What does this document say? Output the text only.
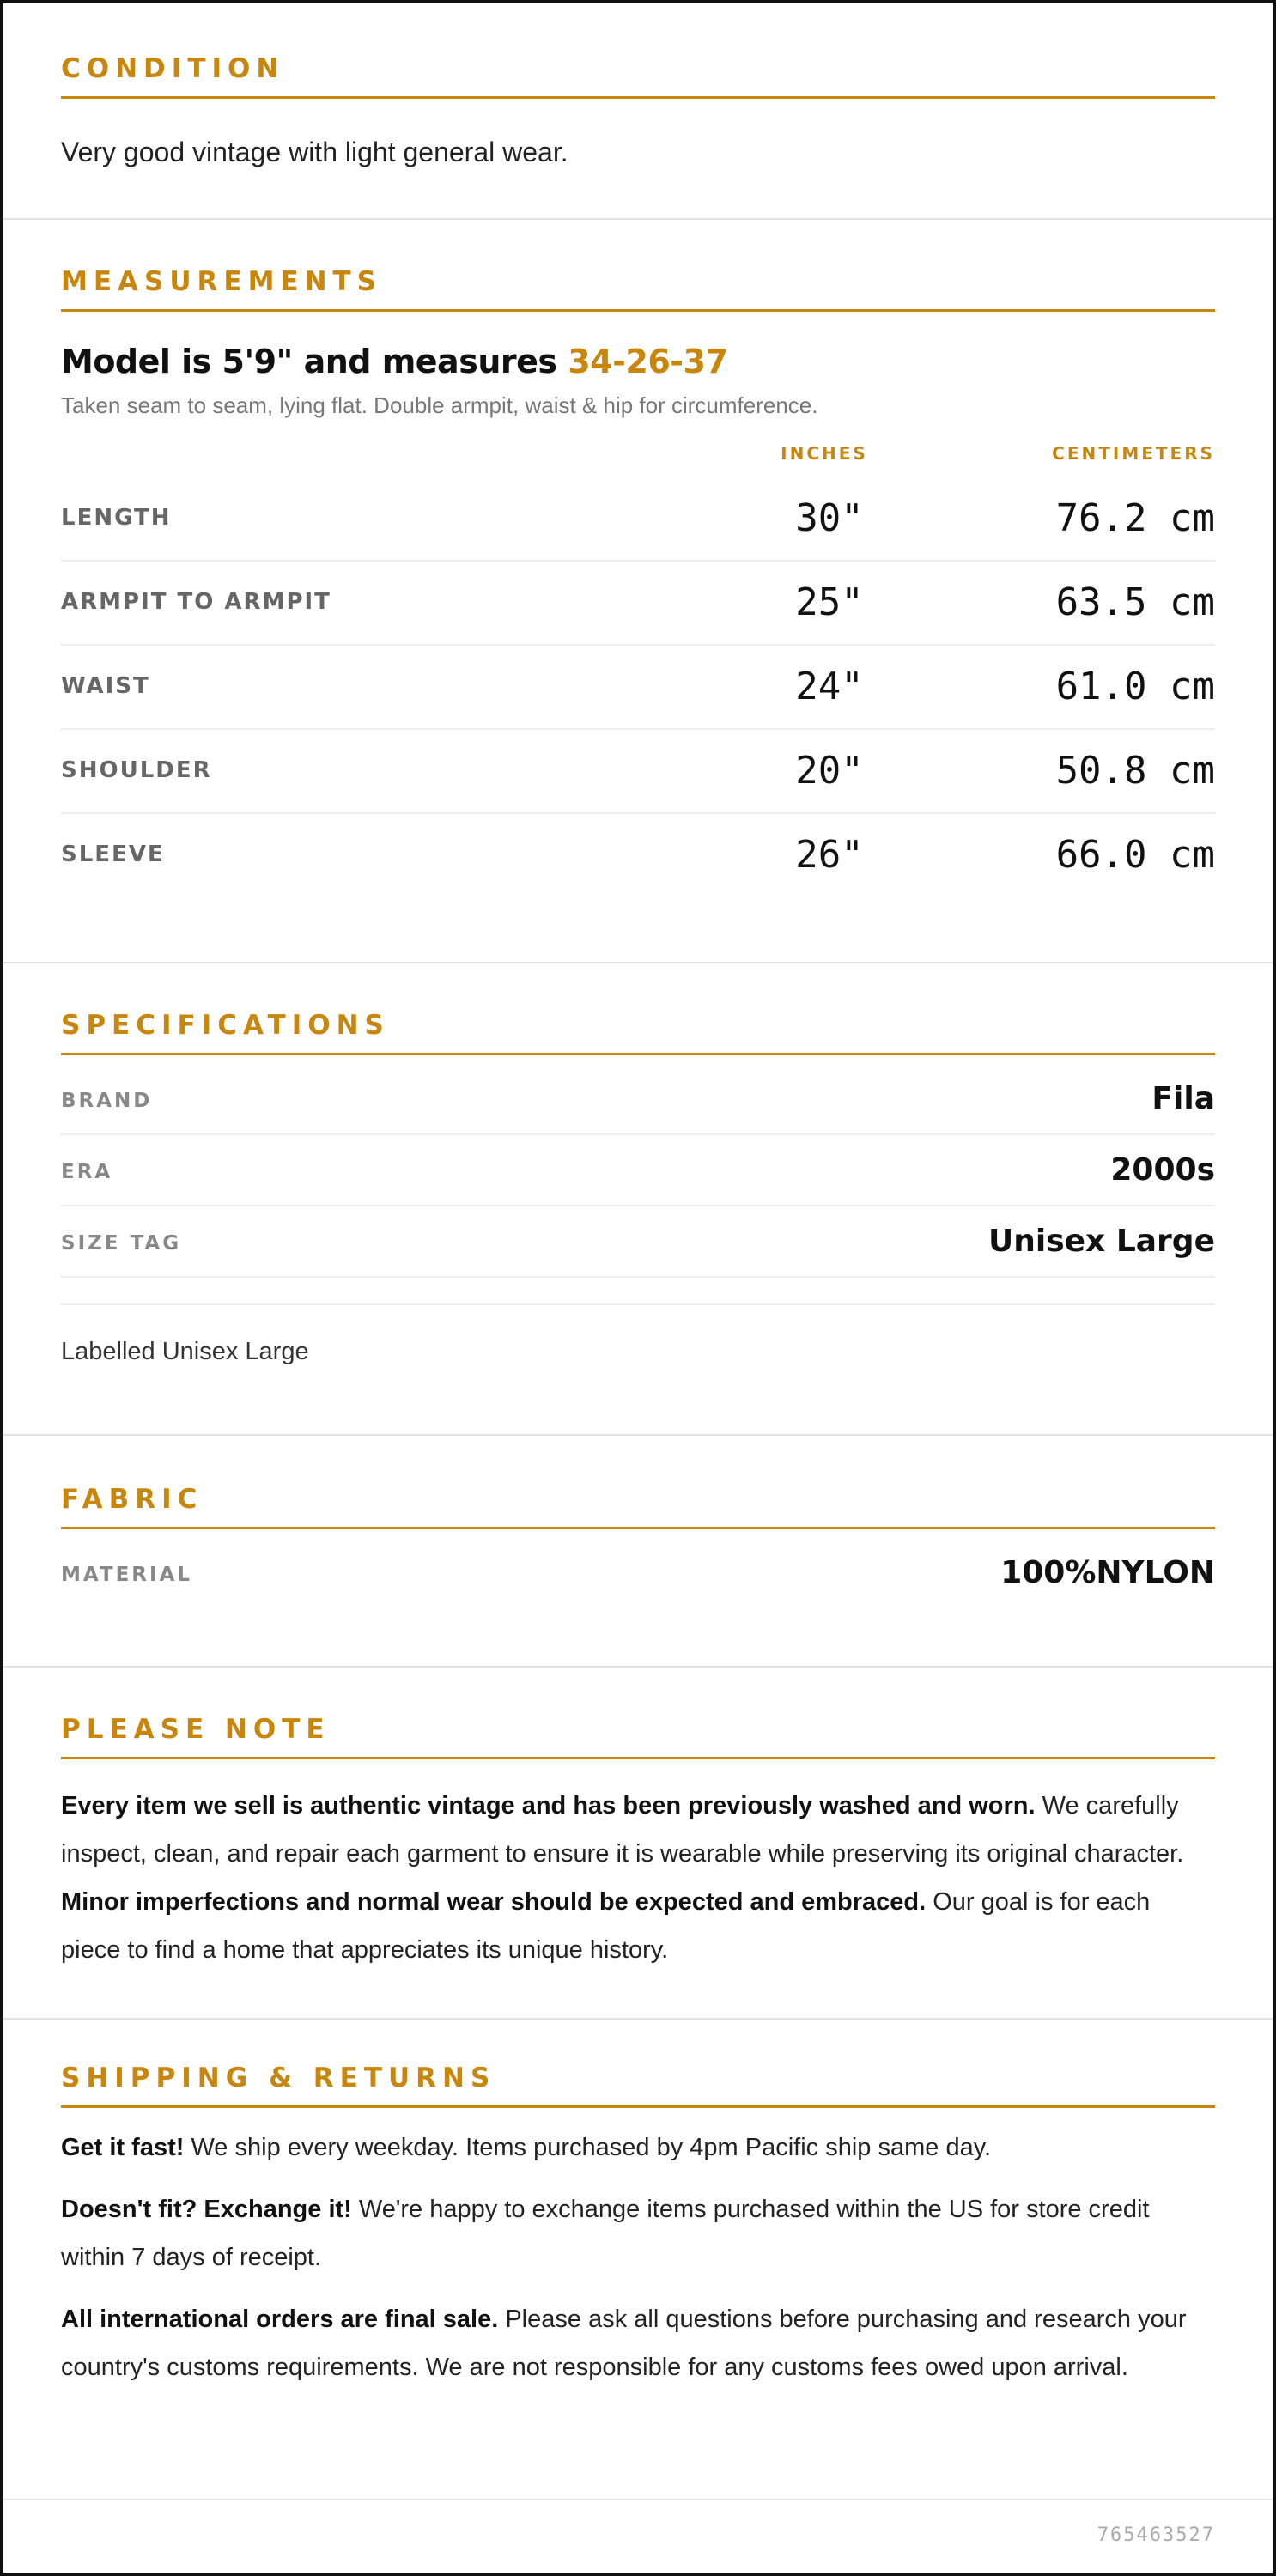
CONDITION
Very good vintage with light general wear.
MEASUREMENTS
Model is 5'9" and measures 34-26-37
Taken seam to seam, lying flat. Double armpit, waist & hip for circumference.
INCHES	CENTIMETERS
LENGTH	30"	76.2 cm
ARMPIT TO ARMPIT	25"	63.5 cm
WAIST	24"	61.0 cm
SHOULDER	20"	50.8 cm
SLEEVE	26"	66.0 cm
SPECIFICATIONS
BRAND	Fila
ERA	2000s
SIZE TAG	Unisex Large
Labelled Unisex Large
FABRIC
MATERIAL	100%NYLON
PLEASE NOTE

Every item we sell is authentic vintage and has been previously washed and worn. We carefully inspect, clean, and repair each garment to ensure it is wearable while preserving its original character. Minor imperfections and normal wear should be expected and embraced. Our goal is for each piece to find a home that appreciates its unique history.

SHIPPING & RETURNS

Get it fast! We ship every weekday. Items purchased by 4pm Pacific ship same day.

Doesn't fit? Exchange it! We're happy to exchange items purchased within the US for store credit within 7 days of receipt.

All international orders are final sale. Please ask all questions before purchasing and research your country's customs requirements. We are not responsible for any customs fees owed upon arrival.

765463527
